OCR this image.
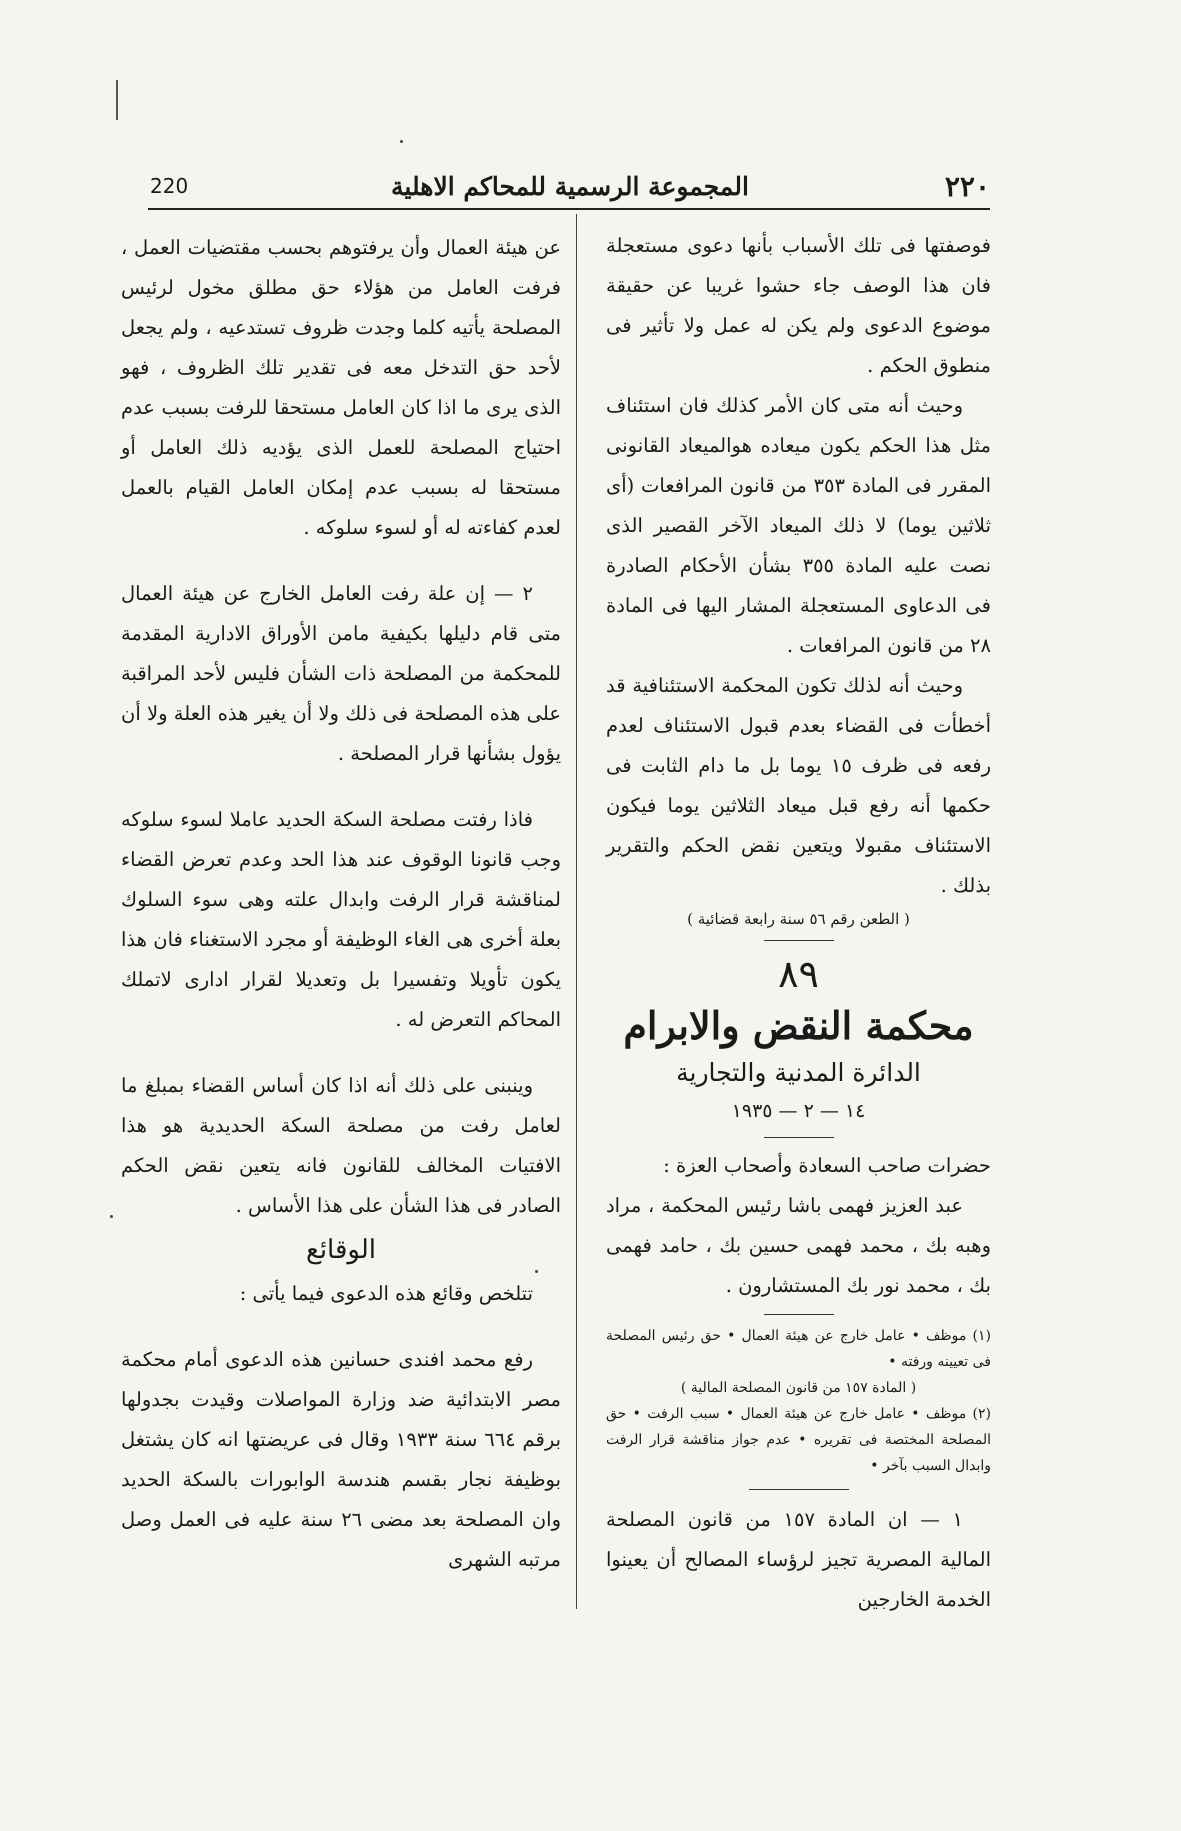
٢٢٠
المجموعة الرسمية للمحاكم الاهلية
220

فوصفتها فى تلك الأسباب بأنها دعوى مستعجلة فان هذا الوصف جاء حشوا غريبا عن حقيقة موضوع الدعوى ولم يكن له عمل ولا تأثير فى منطوق الحكم .

وحيث أنه متى كان الأمر كذلك فان استئناف مثل هذا الحكم يكون ميعاده هوالميعاد القانونى المقرر فى المادة ٣٥٣ من قانون المرافعات (أى ثلاثين يوما) لا ذلك الميعاد الآخر القصير الذى نصت عليه المادة ٣٥٥ بشأن الأحكام الصادرة فى الدعاوى المستعجلة المشار اليها فى المادة ٢٨ من قانون المرافعات .

وحيث أنه لذلك تكون المحكمة الاستئنافية قد أخطأت فى القضاء بعدم قبول الاستئناف لعدم رفعه فى ظرف ١٥ يوما بل ما دام الثابت فى حكمها أنه رفع قبل ميعاد الثلاثين يوما فيكون الاستئناف مقبولا ويتعين نقض الحكم والتقرير بذلك .

( الطعن رقم ٥٦ سنة رابعة قضائية )

٨٩

محكمة النقض والابرام

الدائرة المدنية والتجارية

١٤ — ٢ — ١٩٣٥

حضرات صاحب السعادة وأصحاب العزة :

عبد العزيز فهمى باشا رئيس المحكمة ، مراد وهبه بك ، محمد فهمى حسين بك ، حامد فهمى بك ، محمد نور بك المستشارون .

(١) موظف • عامل خارج عن هيئة العمال • حق رئيس المصلحة فى تعيينه ورفته •

( المادة ١٥٧ من قانون المصلحة المالية )

(٢) موظف • عامل خارج عن هيئة العمال • سبب الرفت • حق المصلحة المختصة فى تقريره • عدم جواز مناقشة قرار الرفت وابدال السبب بآخر •

١ — ان المادة ١٥٧ من قانون المصلحة المالية المصرية تجيز لرؤساء المصالح أن يعينوا الخدمة الخارجين

عن هيئة العمال وأن يرفتوهم بحسب مقتضيات العمل ، فرفت العامل من هؤلاء حق مطلق مخول لرئيس المصلحة يأتيه كلما وجدت ظروف تستدعيه ، ولم يجعل لأحد حق التدخل معه فى تقدير تلك الظروف ، فهو الذى يرى ما اذا كان العامل مستحقا للرفت بسبب عدم احتياج المصلحة للعمل الذى يؤديه ذلك العامل أو مستحقا له بسبب عدم إمكان العامل القيام بالعمل لعدم كفاءته له أو لسوء سلوكه .

٢ — إن علة رفت العامل الخارج عن هيئة العمال متى قام دليلها بكيفية مامن الأوراق الادارية المقدمة للمحكمة من المصلحة ذات الشأن فليس لأحد المراقبة على هذه المصلحة فى ذلك ولا أن يغير هذه العلة ولا أن يؤول بشأنها قرار المصلحة .

فاذا رفتت مصلحة السكة الحديد عاملا لسوء سلوكه وجب قانونا الوقوف عند هذا الحد وعدم تعرض القضاء لمناقشة قرار الرفت وابدال علته وهى سوء السلوك بعلة أخرى هى الغاء الوظيفة أو مجرد الاستغناء فان هذا يكون تأويلا وتفسيرا بل وتعديلا لقرار ادارى لاتملك المحاكم التعرض له .

وينبنى على ذلك أنه اذا كان أساس القضاء بمبلغ ما لعامل رفت من مصلحة السكة الحديدية هو هذا الافتيات المخالف للقانون فانه يتعين نقض الحكم الصادر فى هذا الشأن على هذا الأساس .

الوقائع

تتلخص وقائع هذه الدعوى فيما يأتى :

رفع محمد افندى حسانين هذه الدعوى أمام محكمة مصر الابتدائية ضد وزارة المواصلات وقيدت بجدولها برقم ٦٦٤ سنة ١٩٣٣ وقال فى عريضتها انه كان يشتغل بوظيفة نجار بقسم هندسة الوابورات بالسكة الحديد وان المصلحة بعد مضى ٢٦ سنة عليه فى العمل وصل مرتبه الشهرى
